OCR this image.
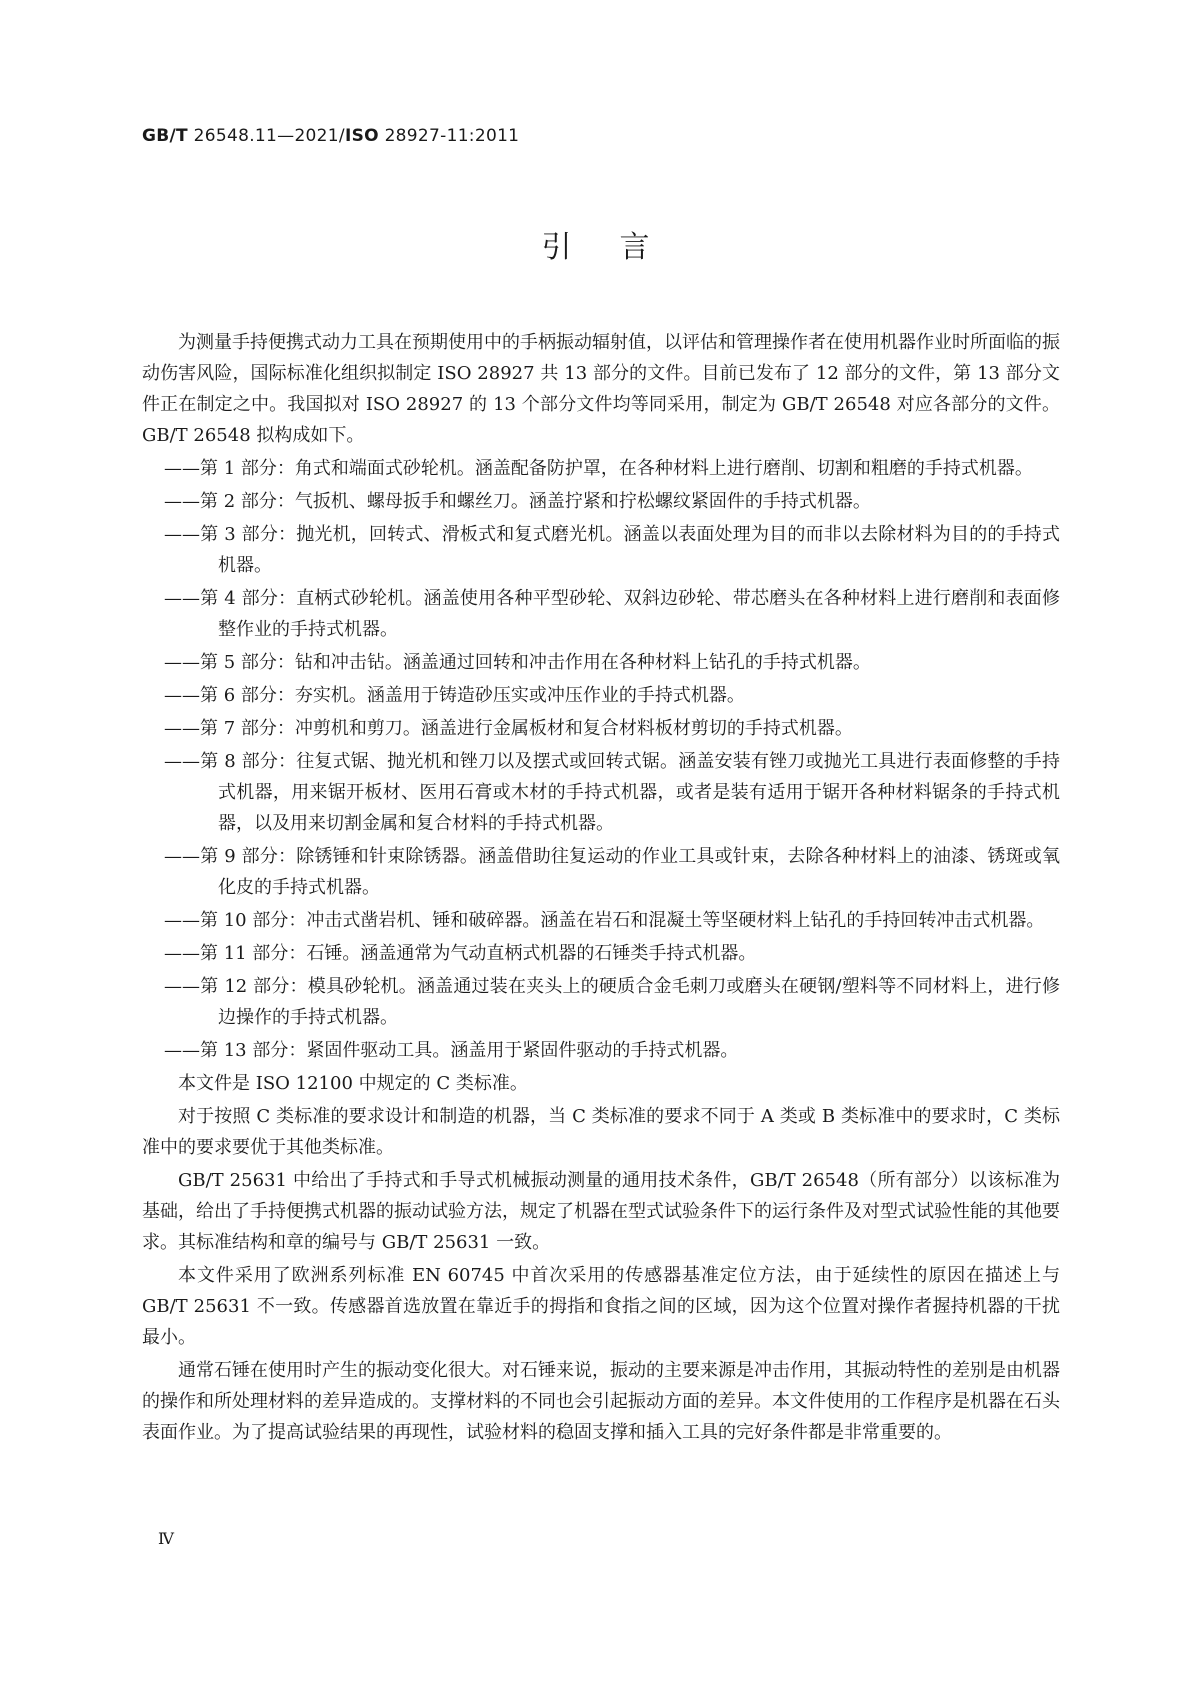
GB/T 26548.11—2021/ISO 28927-11:2011
引言

为测量手持便携式动力工具在预期使用中的手柄振动辐射值，以评估和管理操作者在使用机器作业时所面临的振动伤害风险，国际标准化组织拟制定 ISO 28927 共 13 部分的文件。目前已发布了 12 部分的文件，第 13 部分文件正在制定之中。我国拟对 ISO 28927 的 13 个部分文件均等同采用，制定为 GB/T 26548 对应各部分的文件。GB/T 26548 拟构成如下。

——第 1 部分：角式和端面式砂轮机。涵盖配备防护罩，在各种材料上进行磨削、切割和粗磨的手持式机器。
——第 2 部分：气扳机、螺母扳手和螺丝刀。涵盖拧紧和拧松螺纹紧固件的手持式机器。
——第 3 部分：抛光机，回转式、滑板式和复式磨光机。涵盖以表面处理为目的而非以去除材料为目的的手持式机器。
——第 4 部分：直柄式砂轮机。涵盖使用各种平型砂轮、双斜边砂轮、带芯磨头在各种材料上进行磨削和表面修整作业的手持式机器。
——第 5 部分：钻和冲击钻。涵盖通过回转和冲击作用在各种材料上钻孔的手持式机器。
——第 6 部分：夯实机。涵盖用于铸造砂压实或冲压作业的手持式机器。
——第 7 部分：冲剪机和剪刀。涵盖进行金属板材和复合材料板材剪切的手持式机器。
——第 8 部分：往复式锯、抛光机和锉刀以及摆式或回转式锯。涵盖安装有锉刀或抛光工具进行表面修整的手持式机器，用来锯开板材、医用石膏或木材的手持式机器，或者是装有适用于锯开各种材料锯条的手持式机器，以及用来切割金属和复合材料的手持式机器。
——第 9 部分：除锈锤和针束除锈器。涵盖借助往复运动的作业工具或针束，去除各种材料上的油漆、锈斑或氧化皮的手持式机器。
——第 10 部分：冲击式凿岩机、锤和破碎器。涵盖在岩石和混凝土等坚硬材料上钻孔的手持回转冲击式机器。
——第 11 部分：石锤。涵盖通常为气动直柄式机器的石锤类手持式机器。
——第 12 部分：模具砂轮机。涵盖通过装在夹头上的硬质合金毛刺刀或磨头在硬钢/塑料等不同材料上，进行修边操作的手持式机器。
——第 13 部分：紧固件驱动工具。涵盖用于紧固件驱动的手持式机器。

本文件是 ISO 12100 中规定的 C 类标准。

对于按照 C 类标准的要求设计和制造的机器，当 C 类标准的要求不同于 A 类或 B 类标准中的要求时，C 类标准中的要求要优于其他类标准。

GB/T 25631 中给出了手持式和手导式机械振动测量的通用技术条件，GB/T 26548（所有部分）以该标准为基础，给出了手持便携式机器的振动试验方法，规定了机器在型式试验条件下的运行条件及对型式试验性能的其他要求。其标准结构和章的编号与 GB/T 25631 一致。

本文件采用了欧洲系列标准 EN 60745 中首次采用的传感器基准定位方法，由于延续性的原因在描述上与 GB/T 25631 不一致。传感器首选放置在靠近手的拇指和食指之间的区域，因为这个位置对操作者握持机器的干扰最小。

通常石锤在使用时产生的振动变化很大。对石锤来说，振动的主要来源是冲击作用，其振动特性的差别是由机器的操作和所处理材料的差异造成的。支撑材料的不同也会引起振动方面的差异。本文件使用的工作程序是机器在石头表面作业。为了提高试验结果的再现性，试验材料的稳固支撑和插入工具的完好条件都是非常重要的。

Ⅳ
